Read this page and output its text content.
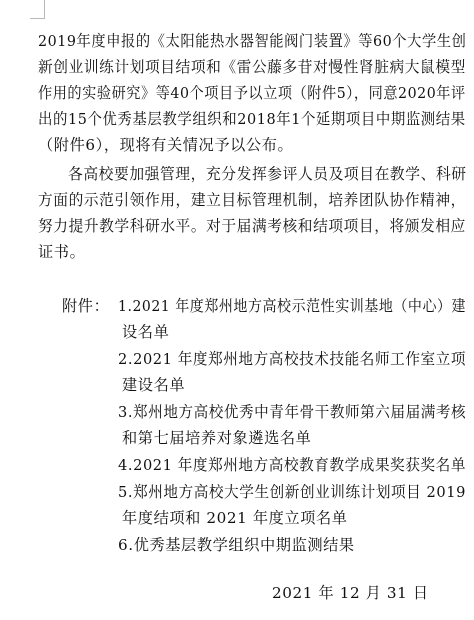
2019年度申报的《太阳能热水器智能阀门装置》等60个大学生创
新创业训练计划项目结项和《雷公藤多苷对慢性肾脏病大鼠模型
作用的实验研究》等40个项目予以立项（附件5），同意2020年评
出的15个优秀基层教学组织和2018年1个延期项目中期监测结果
（附件6），现将有关情况予以公布。
各高校要加强管理，充分发挥参评人员及项目在教学、科研
方面的示范引领作用，建立目标管理机制，培养团队协作精神，
努力提升教学科研水平。对于届满考核和结项项目，将颁发相应
证书。
附件： 1.2021 年度郑州地方高校示范性实训基地（中心）建
设名单
2.2021 年度郑州地方高校技术技能名师工作室立项
建设名单
3.郑州地方高校优秀中青年骨干教师第六届届满考核
和第七届培养对象遴选名单
4.2021 年度郑州地方高校教育教学成果奖获奖名单
5.郑州地方高校大学生创新创业训练计划项目 2019
年度结项和 2021 年度立项名单
6.优秀基层教学组织中期监测结果
2021 年 12 月 31 日
